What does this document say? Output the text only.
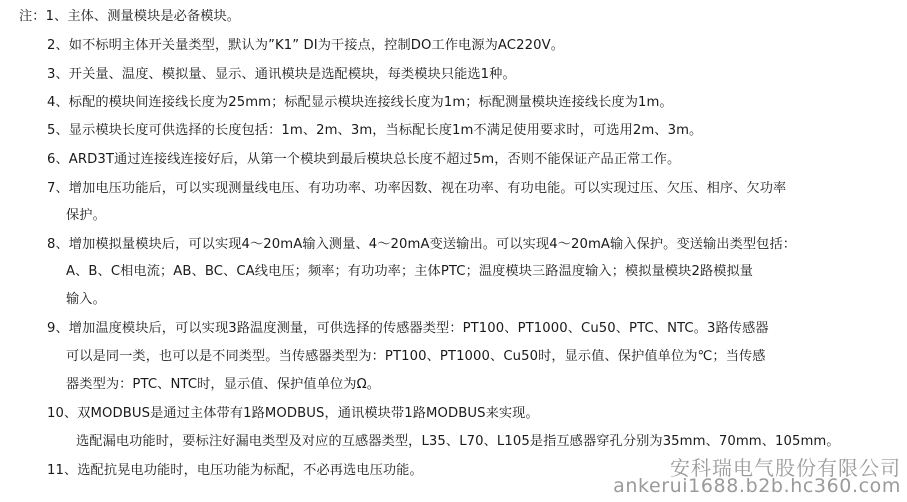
注：1、主体、测量模块是必备模块。
2、如不标明主体开关量类型，默认为”K1” DI为干接点，控制DO工作电源为AC220V。
3、开关量、温度、模拟量、显示、通讯模块是选配模块，每类模块只能选1种。
4、标配的模块间连接线长度为25mm；标配显示模块连接线长度为1m；标配测量模块连接线长度为1m。
5、显示模块长度可供选择的长度包括：1m、2m、3m，当标配长度1m不满足使用要求时，可选用2m、3m。
6、ARD3T通过连接线连接好后，从第一个模块到最后模块总长度不超过5m，否则不能保证产品正常工作。
7、增加电压功能后，可以实现测量线电压、有功功率、功率因数、视在功率、有功电能。可以实现过压、欠压、相序、欠功率
保护。
8、增加模拟量模块后，可以实现4～20mA输入测量、4～20mA变送输出。可以实现4～20mA输入保护。变送输出类型包括：
A、B、C相电流；AB、BC、CA线电压；频率；有功功率；主体PTC；温度模块三路温度输入；模拟量模块2路模拟量
输入。
9、增加温度模块后，可以实现3路温度测量，可供选择的传感器类型：PT100、PT1000、Cu50、PTC、NTC。3路传感器
可以是同一类，也可以是不同类型。当传感器类型为：PT100、PT1000、Cu50时，显示值、保护值单位为℃；当传感
器类型为：PTC、NTC时，显示值、保护值单位为Ω。
10、双MODBUS是通过主体带有1路MODBUS，通讯模块带1路MODBUS来实现。
选配漏电功能时，要标注好漏电类型及对应的互感器类型，L35、L70、L105是指互感器穿孔分别为35mm、70mm、105mm。
11、选配抗晃电功能时，电压功能为标配，不必再选电压功能。	安科瑞电气股份有限公司
ankerui1688.b2b.hc360.com
